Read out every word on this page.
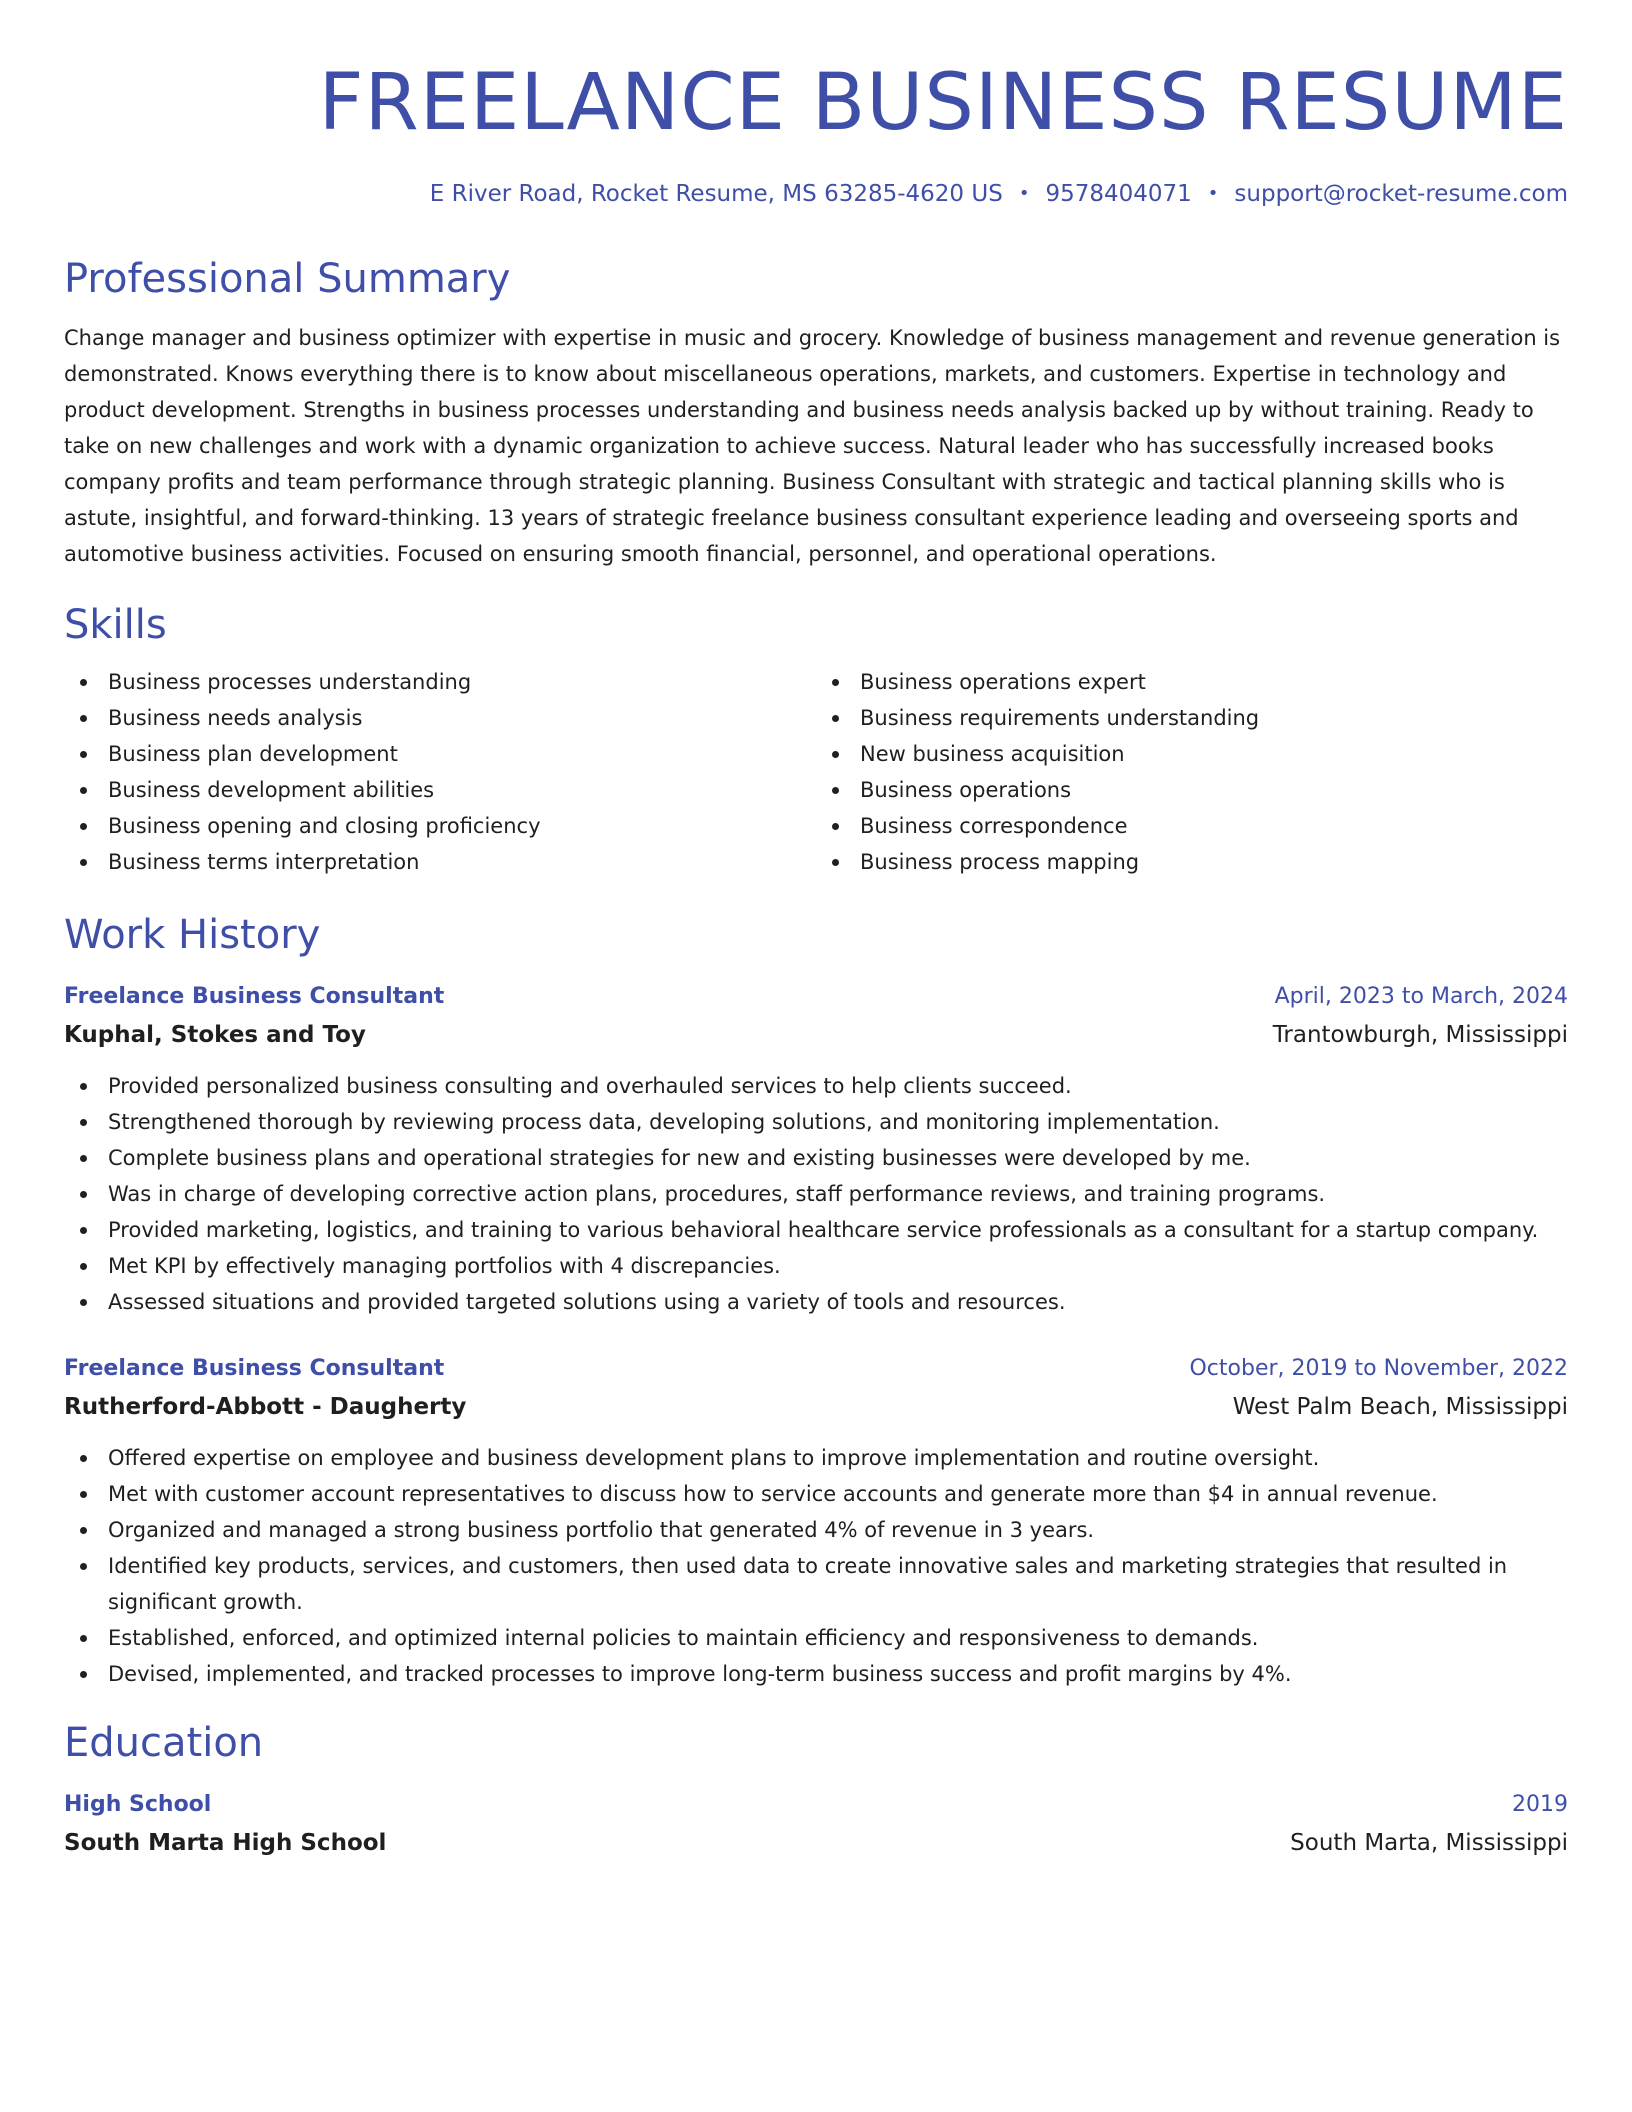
FREELANCE BUSINESS RESUME
E River Road, Rocket Resume, MS 63285-4620 US • 9578404071 • support@rocket-resume.com
Professional Summary

Change manager and business optimizer with expertise in music and grocery. Knowledge of business management and revenue generation is demonstrated. Knows everything there is to know about miscellaneous operations, markets, and customers. Expertise in technology and product development. Strengths in business processes understanding and business needs analysis backed up by without training. Ready to take on new challenges and work with a dynamic organization to achieve success. Natural leader who has successfully increased books company profits and team performance through strategic planning. Business Consultant with strategic and tactical planning skills who is astute, insightful, and forward-thinking. 13 years of strategic freelance business consultant experience leading and overseeing sports and automotive business activities. Focused on ensuring smooth financial, personnel, and operational operations.

Skills
Business processes understanding
Business needs analysis
Business plan development
Business development abilities
Business opening and closing proficiency
Business terms interpretation
Business operations expert
Business requirements understanding
New business acquisition
Business operations
Business correspondence
Business process mapping
Work History
Freelance Business Consultant	April, 2023 to March, 2024
Kuphal, Stokes and Toy	Trantowburgh, Mississippi
Provided personalized business consulting and overhauled services to help clients succeed.
Strengthened thorough by reviewing process data, developing solutions, and monitoring implementation.
Complete business plans and operational strategies for new and existing businesses were developed by me.
Was in charge of developing corrective action plans, procedures, staff performance reviews, and training programs.
Provided marketing, logistics, and training to various behavioral healthcare service professionals as a consultant for a startup company.
Met KPI by effectively managing portfolios with 4 discrepancies.
Assessed situations and provided targeted solutions using a variety of tools and resources.
Freelance Business Consultant	October, 2019 to November, 2022
Rutherford-Abbott - Daugherty	West Palm Beach, Mississippi
Offered expertise on employee and business development plans to improve implementation and routine oversight.
Met with customer account representatives to discuss how to service accounts and generate more than $4 in annual revenue.
Organized and managed a strong business portfolio that generated 4% of revenue in 3 years.
Identified key products, services, and customers, then used data to create innovative sales and marketing strategies that resulted in significant growth.
Established, enforced, and optimized internal policies to maintain efficiency and responsiveness to demands.
Devised, implemented, and tracked processes to improve long-term business success and profit margins by 4%.
Education
High School	2019
South Marta High School	South Marta, Mississippi
